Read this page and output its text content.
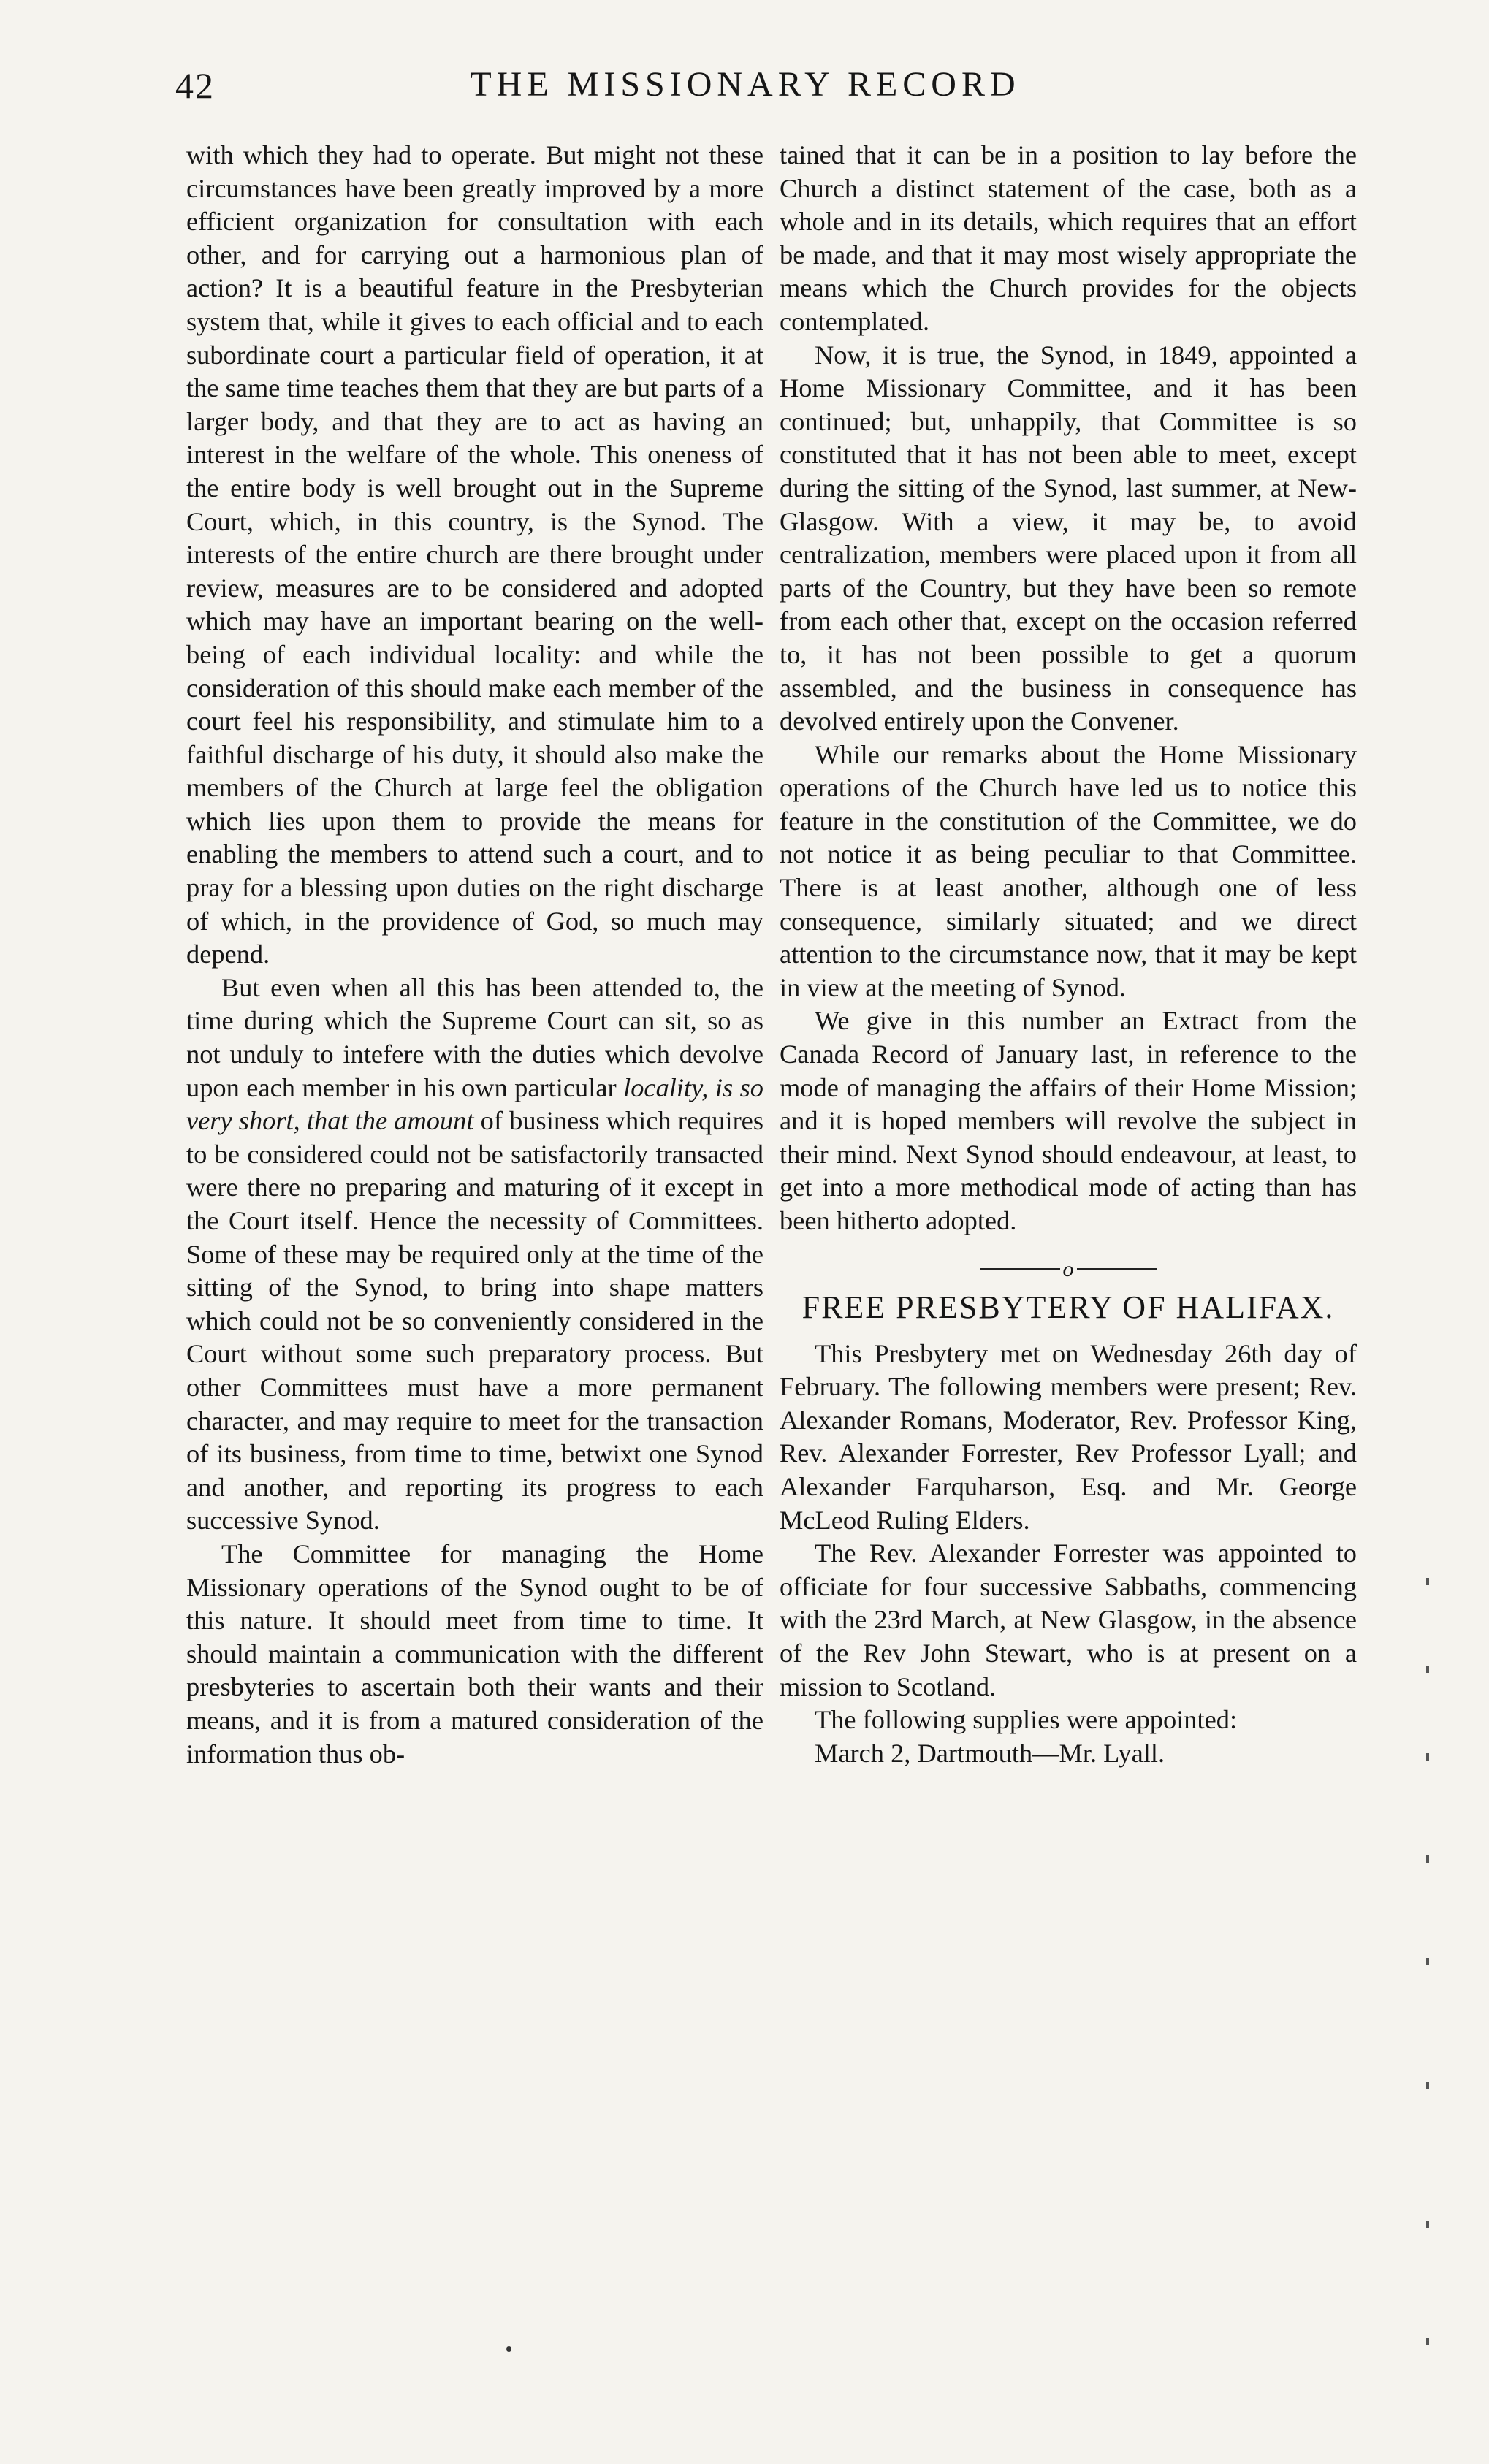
42	THE MISSIONARY RECORD

with which they had to operate. But might not these circumstances have been greatly improved by a more efficient organization for consultation with each other, and for carrying out a harmonious plan of action? It is a beautiful feature in the Presbyterian system that, while it gives to each official and to each subordinate court a particular field of operation, it at the same time teaches them that they are but parts of a larger body, and that they are to act as having an interest in the welfare of the whole. This oneness of the entire body is well brought out in the Supreme Court, which, in this country, is the Synod. The interests of the entire church are there brought under review, measures are to be considered and adopted which may have an important bearing on the well-being of each individual locality: and while the consideration of this should make each member of the court feel his responsibility, and stimulate him to a faithful discharge of his duty, it should also make the members of the Church at large feel the obligation which lies upon them to provide the means for enabling the members to attend such a court, and to pray for a blessing upon duties on the right discharge of which, in the providence of God, so much may depend.

But even when all this has been attended to, the time during which the Supreme Court can sit, so as not unduly to intefere with the duties which devolve upon each member in his own particular locality, is so very short, that the amount of business which requires to be considered could not be satisfactorily transacted were there no preparing and maturing of it except in the Court itself. Hence the necessity of Committees. Some of these may be required only at the time of the sitting of the Synod, to bring into shape matters which could not be so conveniently considered in the Court without some such preparatory process. But other Committees must have a more permanent character, and may require to meet for the transaction of its business, from time to time, betwixt one Synod and another, and reporting its progress to each successive Synod.

The Committee for managing the Home Missionary operations of the Synod ought to be of this nature. It should meet from time to time. It should maintain a communication with the different presbyteries to ascertain both their wants and their means, and it is from a matured consideration of the information thus ob-

tained that it can be in a position to lay before the Church a distinct statement of the case, both as a whole and in its details, which requires that an effort be made, and that it may most wisely appropriate the means which the Church provides for the objects contemplated.

Now, it is true, the Synod, in 1849, appointed a Home Missionary Committee, and it has been continued; but, unhappily, that Committee is so constituted that it has not been able to meet, except during the sitting of the Synod, last summer, at New-Glasgow. With a view, it may be, to avoid centralization, members were placed upon it from all parts of the Country, but they have been so remote from each other that, except on the occasion referred to, it has not been possible to get a quorum assembled, and the business in consequence has devolved entirely upon the Convener.

While our remarks about the Home Missionary operations of the Church have led us to notice this feature in the constitution of the Committee, we do not notice it as being peculiar to that Committee. There is at least another, although one of less consequence, similarly situated; and we direct attention to the circumstance now, that it may be kept in view at the meeting of Synod.

We give in this number an Extract from the Canada Record of January last, in reference to the mode of managing the affairs of their Home Mission; and it is hoped members will revolve the subject in their mind. Next Synod should endeavour, at least, to get into a more methodical mode of acting than has been hitherto adopted.

o
FREE PRESBYTERY OF HALIFAX.

This Presbytery met on Wednesday 26th day of February. The following members were present; Rev. Alexander Romans, Moderator, Rev. Professor King, Rev. Alexander Forrester, Rev Professor Lyall; and Alexander Farquharson, Esq. and Mr. George McLeod Ruling Elders.

The Rev. Alexander Forrester was appointed to officiate for four successive Sabbaths, commencing with the 23rd March, at New Glasgow, in the absence of the Rev John Stewart, who is at present on a mission to Scotland.

The following supplies were appointed:

March 2, Dartmouth—Mr. Lyall.
